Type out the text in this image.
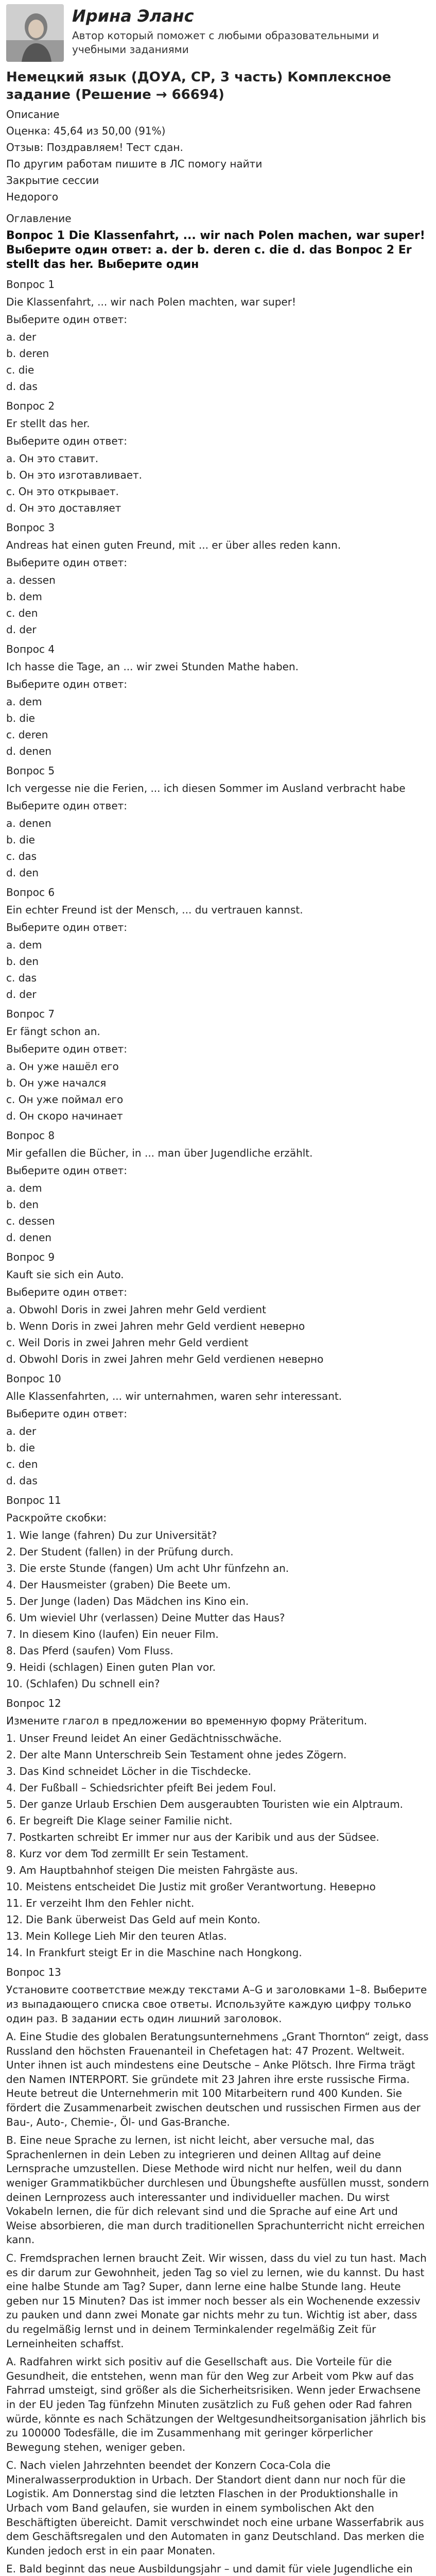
Ирина Эланс
Автор который поможет с любыми образовательными и учебными заданиями
Немецкий язык (ДОУА, СР, 3 часть) Комплексное задание (Решение → 66694)
Описание
Оценка: 45,64 из 50,00 (91%)
Отзыв: Поздравляем! Тест сдан.
По другим работам пишите в ЛС помогу найти
Закрытие сессии
Недорого
Оглавление
Вопрос 1 Die Klassenfahrt, ... wir nach Polen machen, war super! Выберите один ответ: a. der b. deren c. die d. das Вопрос 2 Er stellt das her. Выберите один
Вопрос 1
Die Klassenfahrt, ... wir nach Polen machten, war super!
Выберите один ответ:
a. der
b. deren
c. die
d. das
Вопрос 2
Er stellt das her.
Выберите один ответ:
a. Он это ставит.
b. Он это изготавливает.
c. Он это открывает.
d. Он это доставляет
Вопрос 3
Andreas hat einen guten Freund, mit ... er über alles reden kann.
Выберите один ответ:
a. dessen
b. dem
c. den
d. der
Вопрос 4
Ich hasse die Tage, an ... wir zwei Stunden Mathe haben.
Выберите один ответ:
a. dem
b. die
c. deren
d. denen
Вопрос 5
Ich vergesse nie die Ferien, ... ich diesen Sommer im Ausland verbracht habe
Выберите один ответ:
a. denen
b. die
c. das
d. den
Вопрос 6
Ein echter Freund ist der Mensch, ... du vertrauen kannst.
Выберите один ответ:
a. dem
b. den
c. das
d. der
Вопрос 7
Er fängt schon an.
Выберите один ответ:
a. Он уже нашёл его
b. Он уже начался
c. Он уже поймал его
d. Он скоро начинает
Вопрос 8
Mir gefallen die Bücher, in ... man über Jugendliche erzählt.
Выберите один ответ:
a. dem
b. den
c. dessen
d. denen
Вопрос 9
Kauft sie sich ein Auto.
Выберите один ответ:
a. Obwohl Doris in zwei Jahren mehr Geld verdient
b. Wenn Doris in zwei Jahren mehr Geld verdient неверно
c. Weil Doris in zwei Jahren mehr Geld verdient
d. Obwohl Doris in zwei Jahren mehr Geld verdienen неверно
Вопрос 10
Alle Klassenfahrten, ... wir unternahmen, waren sehr interessant.
Выберите один ответ:
a. der
b. die
c. den
d. das
Вопрос 11
Раскройте скобки:
1. Wie lange (fahren) Du zur Universität?
2. Der Student (fallen) in der Prüfung durch.
3. Die erste Stunde (fangen) Um acht Uhr fünfzehn an.
4. Der Hausmeister (graben) Die Beete um.
5. Der Junge (laden) Das Mädchen ins Kino ein.
6. Um wieviel Uhr (verlassen) Deine Mutter das Haus?
7. In diesem Kino (laufen) Ein neuer Film.
8. Das Pferd (saufen) Vom Fluss.
9. Heidi (schlagen) Einen guten Plan vor.
10. (Schlafen) Du schnell ein?
Вопрос 12
Измените глагол в предложении во временную форму Präteritum.
1. Unser Freund leidet An einer Gedächtnisschwäche.
2. Der alte Mann Unterschreib Sein Testament ohne jedes Zögern.
3. Das Kind schneidet Löcher in die Tischdecke.
4. Der Fußball – Schiedsrichter pfeift Bei jedem Foul.
5. Der ganze Urlaub Erschien Dem ausgeraubten Touristen wie ein Alptraum.
6. Er begreift Die Klage seiner Familie nicht.
7. Postkarten schreibt Er immer nur aus der Karibik und aus der Südsee.
8. Kurz vor dem Tod zermillt Er sein Testament.
9. Am Hauptbahnhof steigen Die meisten Fahrgäste aus.
10. Meistens entscheidet Die Justiz mit großer Verantwortung. Неверно
11. Er verzeiht Ihm den Fehler nicht.
12. Die Bank überweist Das Geld auf mein Konto.
13. Mein Kollege Lieh Mir den teuren Atlas.
14. In Frankfurt steigt Er in die Maschine nach Hongkong.
Вопрос 13
Установите соответствие между текстами A–G и заголовками 1–8. Выберите из выпадающего списка свое ответы. Используйте каждую цифру только один раз. В задании есть один лишний заголовок.
A. Eine Studie des globalen Beratungsunternehmens „Grant Thornton“ zeigt, dass Russland den höchsten Frauenanteil in Chefetagen hat: 47 Prozent. Weltweit. Unter ihnen ist auch mindestens eine Deutsche – Anke Plötsch. Ihre Firma trägt den Namen INTERPORT. Sie gründete mit 23 Jahren ihre erste russische Firma. Heute betreut die Unternehmerin mit 100 Mitarbeitern rund 400 Kunden. Sie fördert die Zusammenarbeit zwischen deutschen und russischen Firmen aus der Bau-, Auto-, Chemie-, Öl- und Gas-Branche.
B. Eine neue Sprache zu lernen, ist nicht leicht, aber versuche mal, das Sprachenlernen in dein Leben zu integrieren und deinen Alltag auf deine Lernsprache umzustellen. Diese Methode wird nicht nur helfen, weil du dann weniger Grammatikbücher durchlesen und Übungshefte ausfüllen musst, sondern deinen Lernprozess auch interessanter und individueller machen. Du wirst Vokabeln lernen, die für dich relevant sind und die Sprache auf eine Art und Weise absorbieren, die man durch traditionellen Sprachunterricht nicht erreichen kann.
C. Fremdsprachen lernen braucht Zeit. Wir wissen, dass du viel zu tun hast. Mach es dir darum zur Gewohnheit, jeden Tag so viel zu lernen, wie du kannst. Du hast eine halbe Stunde am Tag? Super, dann lerne eine halbe Stunde lang. Heute geben nur 15 Minuten? Das ist immer noch besser als ein Wochenende exzessiv zu pauken und dann zwei Monate gar nichts mehr zu tun. Wichtig ist aber, dass du regelmäßig lernst und in deinem Terminkalender regelmäßig Zeit für Lerneinheiten schaffst.
A. Radfahren wirkt sich positiv auf die Gesellschaft aus. Die Vorteile für die Gesundheit, die entstehen, wenn man für den Weg zur Arbeit vom Pkw auf das Fahrrad umsteigt, sind größer als die Sicherheitsrisiken. Wenn jeder Erwachsene in der EU jeden Tag fünfzehn Minuten zusätzlich zu Fuß gehen oder Rad fahren würde, könnte es nach Schätzungen der Weltgesundheitsorganisation jährlich bis zu 100000 Todesfälle, die im Zusammenhang mit geringer körperlicher Bewegung stehen, weniger geben.
C. Nach vielen Jahrzehnten beendet der Konzern Coca-Cola die Mineralwasserproduktion in Urbach. Der Standort dient dann nur noch für die Logistik. Am Donnerstag sind die letzten Flaschen in der Produktionshalle in Urbach vom Band gelaufen, sie wurden in einem symbolischen Akt den Beschäftigten übereicht. Damit verschwindet noch eine urbane Wasserfabrik aus dem Geschäftsregalen und den Automaten in ganz Deutschland. Das merken die Kunden jedoch erst in ein paar Monaten.
E. Bald beginnt das neue Ausbildungsjahr – und damit für viele Jugendliche ein
